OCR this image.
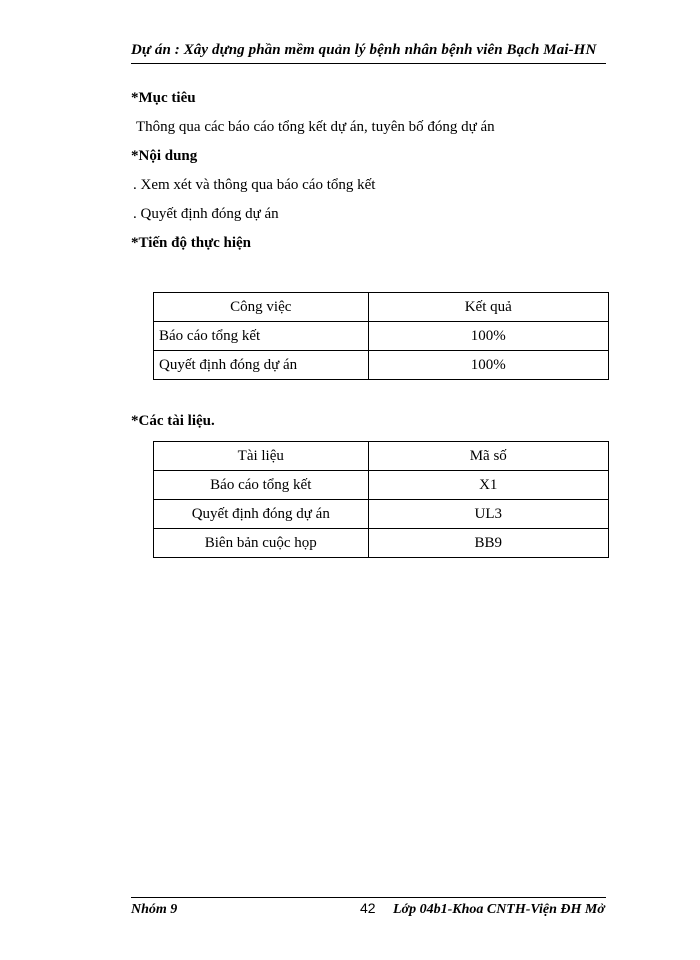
Dự án : Xây dựng phần mềm quản lý bệnh nhân bệnh viên Bạch Mai-HN
*Mục tiêu
Thông qua các báo cáo tổng kết dự án, tuyên bố đóng dự án
*Nội dung
. Xem xét và thông qua báo cáo tổng kết
. Quyết định đóng dự án
*Tiến độ thực hiện
Công việc	Kết quả
Báo cáo tổng kết	100%
Quyết định đóng dự án	100%
*Các tài liệu.
Tài liệu	Mã số
Báo cáo tổng kết	X1
Quyết định đóng dự án	UL3
Biên bản cuộc họp	BB9
Nhóm 9	42 Lớp 04b1-Khoa CNTH-Viện ĐH Mở
